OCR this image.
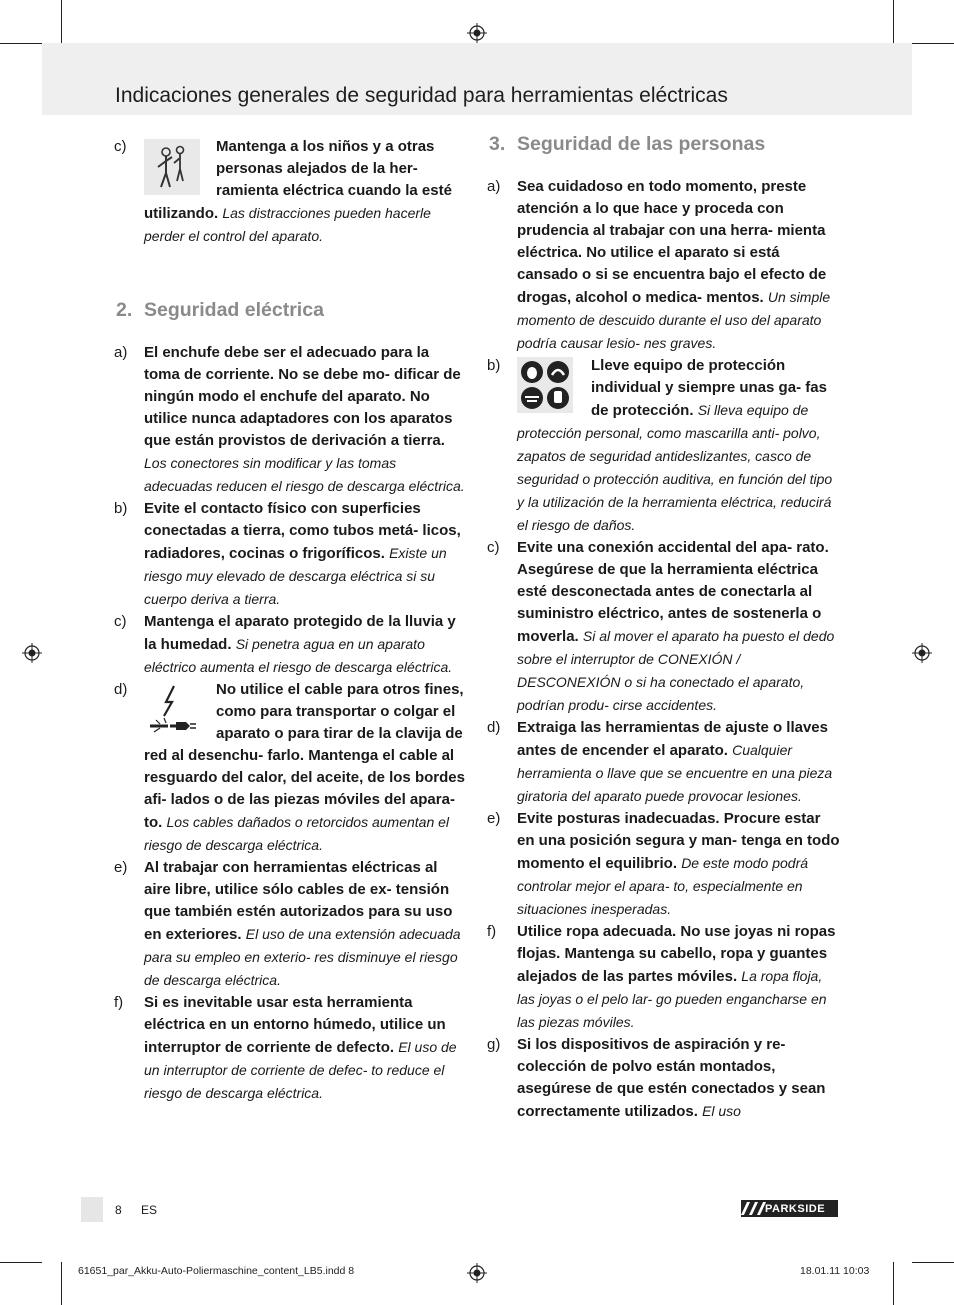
Indicaciones generales de seguridad para herramientas eléctricas
c)	Mantenga a los niños y a otras personas alejados de la her- ramienta eléctrica cuando la esté utilizando. Las distracciones pueden hacerle perder el control del aparato.
2. Seguridad eléctrica
a) El enchufe debe ser el adecuado para la toma de corriente. No se debe mo- dificar de ningún modo el enchufe del aparato. No utilice nunca adaptadores con los aparatos que están provistos de derivación a tierra. Los conectores sin modificar y las tomas adecuadas reducen el riesgo de descarga eléctrica.
b) Evite el contacto físico con superficies conectadas a tierra, como tubos metá- licos, radiadores, cocinas o frigoríficos. Existe un riesgo muy elevado de descarga eléctrica si su cuerpo deriva a tierra.
c) Mantenga el aparato protegido de la lluvia y la humedad. Si penetra agua en un aparato eléctrico aumenta el riesgo de descarga eléctrica.
d)	No utilice el cable para otros fines, como para transportar o colgar el aparato o para tirar de la clavija de red al desenchu- farlo. Mantenga el cable al resguardo del calor, del aceite, de los bordes afi- lados o de las piezas móviles del apara- to. Los cables dañados o retorcidos aumentan el riesgo de descarga eléctrica.
e) Al trabajar con herramientas eléctricas al aire libre, utilice sólo cables de ex- tensión que también estén autorizados para su uso en exteriores. El uso de una extensión adecuada para su empleo en exterio- res disminuye el riesgo de descarga eléctrica.
f) Si es inevitable usar esta herramienta eléctrica en un entorno húmedo, utilice un interruptor de corriente de defecto. El uso de un interruptor de corriente de defec- to reduce el riesgo de descarga eléctrica.
3. Seguridad de las personas
a) Sea cuidadoso en todo momento, preste atención a lo que hace y proceda con prudencia al trabajar con una herra- mienta eléctrica. No utilice el aparato si está cansado o si se encuentra bajo el efecto de drogas, alcohol o medica- mentos. Un simple momento de descuido durante el uso del aparato podría causar lesio- nes graves.
b)	Lleve equipo de protección individual y siempre unas ga- fas de protección. Si lleva equipo de protección personal, como mascarilla anti- polvo, zapatos de seguridad antideslizantes, casco de seguridad o protección auditiva, en función del tipo y la utilización de la herramienta eléctrica, reducirá el riesgo de daños.
c) Evite una conexión accidental del apa- rato. Asegúrese de que la herramienta eléctrica esté desconectada antes de conectarla al suministro eléctrico, antes de sostenerla o moverla. Si al mover el aparato ha puesto el dedo sobre el interruptor de CONEXIÓN / DESCONEXIÓN o si ha conectado el aparato, podrían produ- cirse accidentes.
d) Extraiga las herramientas de ajuste o llaves antes de encender el aparato. Cualquier herramienta o llave que se encuentre en una pieza giratoria del aparato puede provocar lesiones.
e) Evite posturas inadecuadas. Procure estar en una posición segura y man- tenga en todo momento el equilibrio. De este modo podrá controlar mejor el apara- to, especialmente en situaciones inesperadas.
f) Utilice ropa adecuada. No use joyas ni ropas flojas. Mantenga su cabello, ropa y guantes alejados de las partes móviles. La ropa floja, las joyas o el pelo lar- go pueden engancharse en las piezas móviles.
g) Si los dispositivos de aspiración y re- colección de polvo están montados, asegúrese de que estén conectados y sean correctamente utilizados. El uso
8 ES	PARKSIDE
61651_par_Akku-Auto-Poliermaschine_content_LB5.indd 8	18.01.11 10:03
